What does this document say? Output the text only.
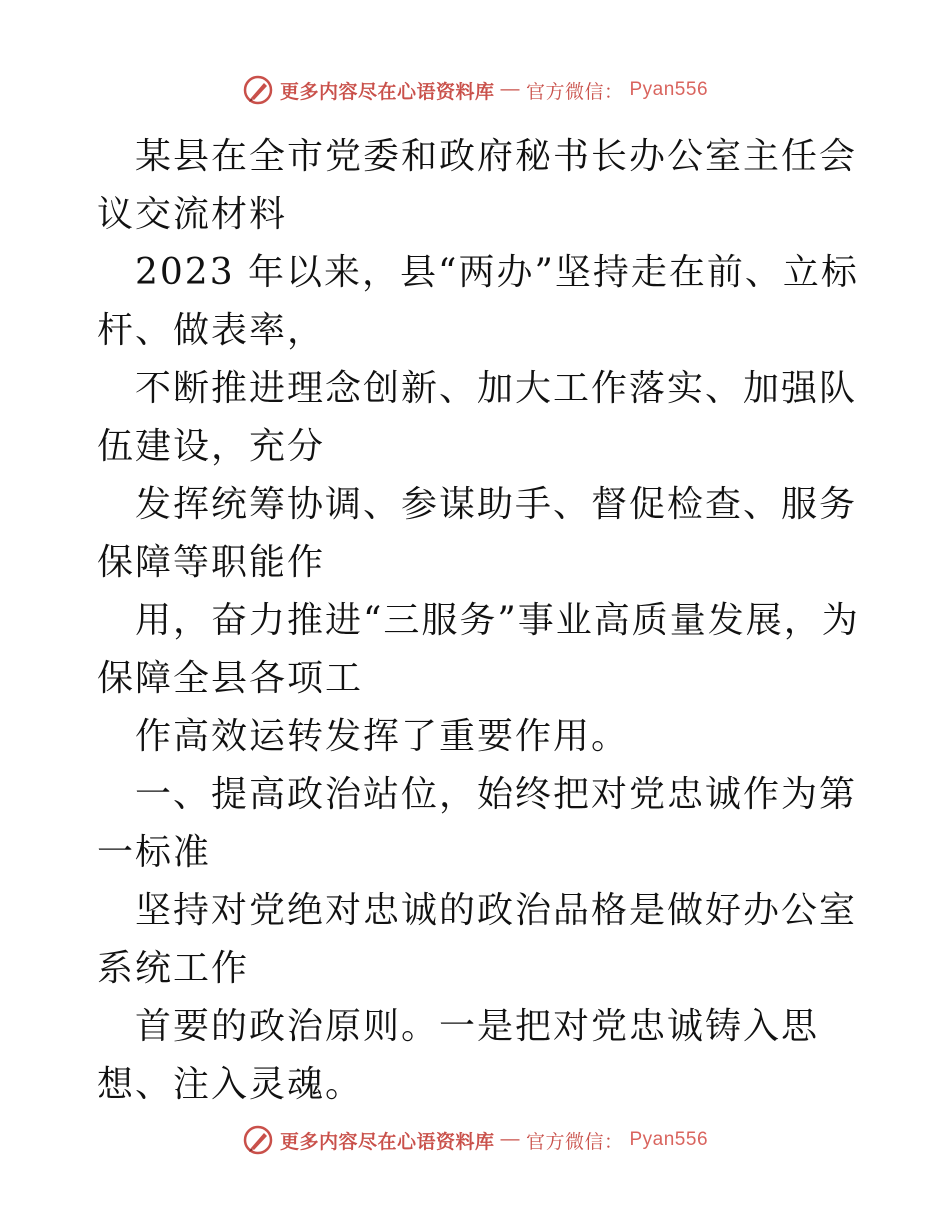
更多内容尽在心语资料库 — 官方微信： Pyan556

某县在全市党委和政府秘书长办公室主任会议交流材料

2023 年以来，县“两办”坚持走在前、立标杆、做表率，

不断推进理念创新、加大工作落实、加强队伍建设，充分

发挥统筹协调、参谋助手、督促检查、服务保障等职能作

用，奋力推进“三服务”事业高质量发展，为保障全县各项工

作高效运转发挥了重要作用。

一、提高政治站位，始终把对党忠诚作为第一标准

坚持对党绝对忠诚的政治品格是做好办公室系统工作

首要的政治原则。一是把对党忠诚铸入思想、注入灵魂。

更多内容尽在心语资料库 — 官方微信： Pyan556
